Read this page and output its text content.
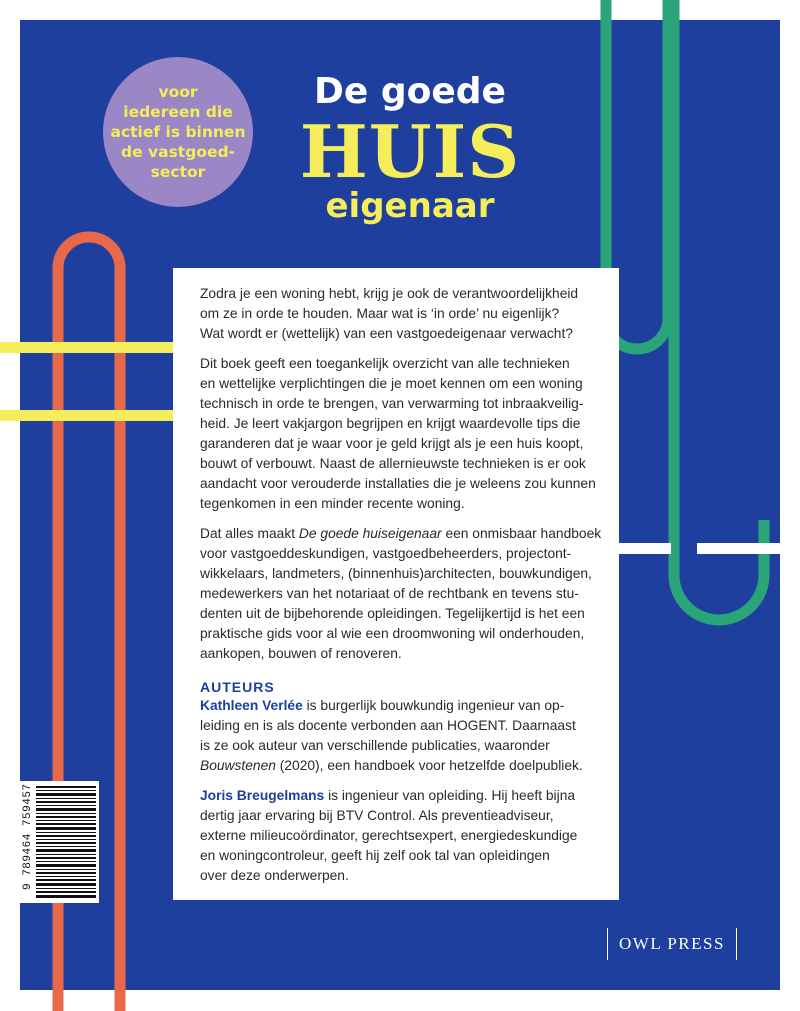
voor
iedereen die
actief is binnen
de vastgoed-
sector
De goede
HUIS
eigenaar
Zodra je een woning hebt, krijg je ook de verantwoordelijkheid
om ze in orde te houden. Maar wat is ‘in orde’ nu eigenlijk?
Wat wordt er (wettelijk) van een vastgoedeigenaar verwacht?
Dit boek geeft een toegankelijk overzicht van alle technieken
en wettelijke verplichtingen die je moet kennen om een woning
technisch in orde te brengen, van verwarming tot inbraakveilig-
heid. Je leert vakjargon begrijpen en krijgt waardevolle tips die
garanderen dat je waar voor je geld krijgt als je een huis koopt,
bouwt of verbouwt. Naast de allernieuwste technieken is er ook
aandacht voor verouderde installaties die je weleens zou kunnen
tegenkomen in een minder recente woning.
Dat alles maakt De goede huiseigenaar een onmisbaar handboek
voor vastgoeddeskundigen, vastgoedbeheerders, projectont-
wikkelaars, landmeters, (binnenhuis)architecten, bouwkundigen,
medewerkers van het notariaat of de rechtbank en tevens stu-
denten uit de bijbehorende opleidingen. Tegelijkertijd is het een
praktische gids voor al wie een droomwoning wil onderhouden,
aankopen, bouwen of renoveren.
AUTEURS
Kathleen Verlée is burgerlijk bouwkundig ingenieur van op-
leiding en is als docente verbonden aan HOGENT. Daarnaast
is ze ook auteur van verschillende publicaties, waaronder
Bouwstenen (2020), een handboek voor hetzelfde doelpubliek.
Joris Breugelmans is ingenieur van opleiding. Hij heeft bijna
dertig jaar ervaring bij BTV Control. Als preventieadviseur,
externe milieucoördinator, gerechtsexpert, energiedeskundige
en woningcontroleur, geeft hij zelf ook tal van opleidingen
over deze onderwerpen.
9 789464 759457
OWL PRESS
